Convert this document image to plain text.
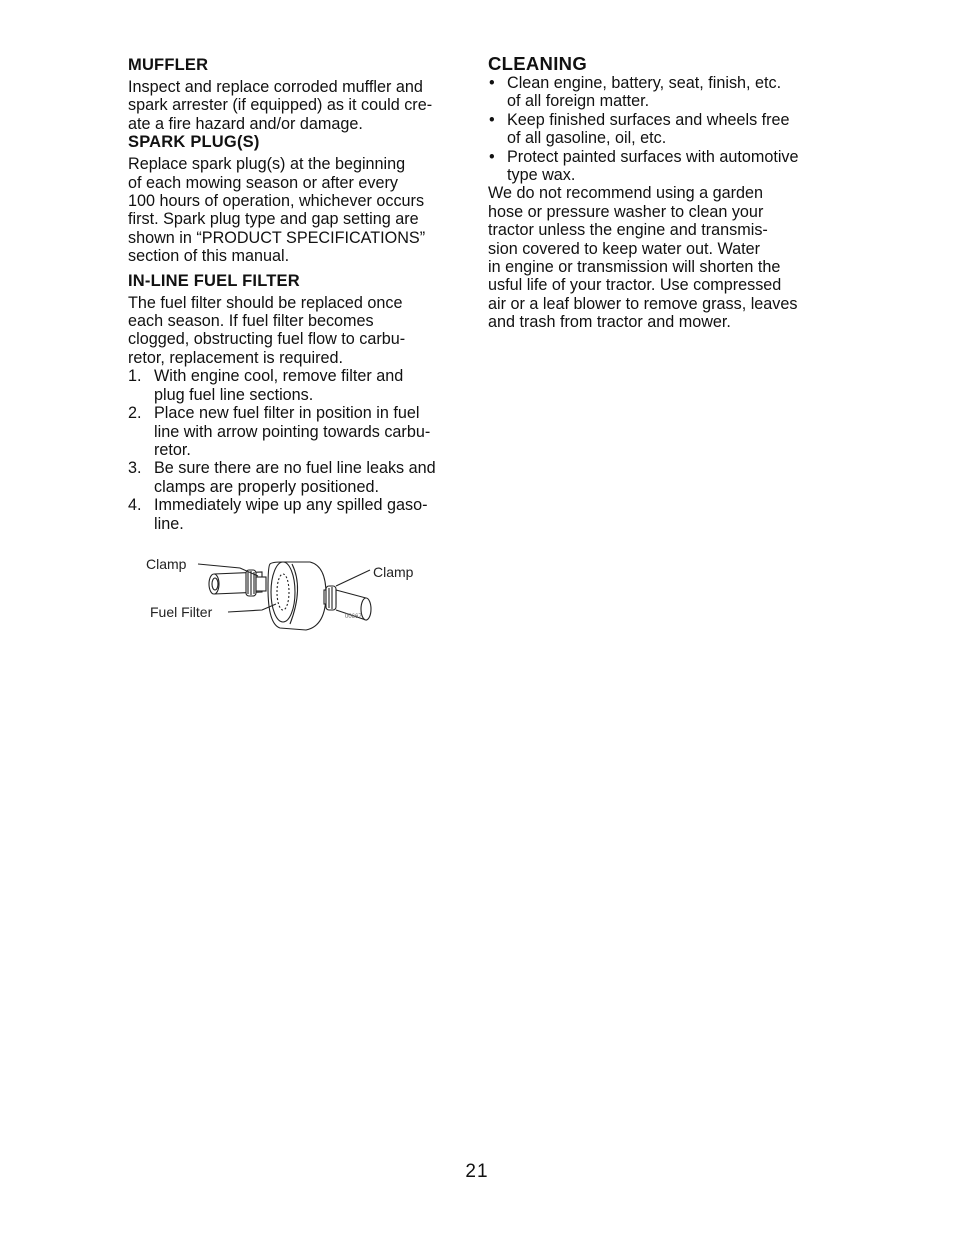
MUFFLER

Inspect and replace corroded muffler and

spark arrester (if equipped) as it could cre-

ate a fire hazard and/or damage.

SPARK PLUG(S)

Replace spark plug(s) at the beginning

of each mowing season or after every

100 hours of operation, whichever occurs

first. Spark plug type and gap setting are

shown in “PRODUCT SPECIFICATIONS”

section of this manual.

IN-LINE FUEL FILTER

The fuel filter should be replaced once

each season. If fuel filter becomes

clogged, obstructing fuel flow to carbu-

retor, replacement is required.

1. With engine cool, remove filter and

plug fuel line sections.

2. Place new fuel filter in position in fuel

line with arrow pointing towards carbu-

retor.

3. Be sure there are no fuel line leaks and

clamps are properly positioned.

4. Immediately wipe up any spilled gaso-

line.

Clamp	Clamp
Fuel Filter	00667
CLEANING
• Clean engine, battery, seat, finish, etc.

of all foreign matter.

• Keep finished surfaces and wheels free

of all gasoline, oil, etc.

• Protect painted surfaces with automotive

type wax.

We do not recommend using a garden

hose or pressure washer to clean your

tractor unless the engine and transmis-

sion covered to keep water out. Water

in engine or transmission will shorten the

usful life of your tractor. Use compressed

air or a leaf blower to remove grass, leaves

and trash from tractor and mower.

21
